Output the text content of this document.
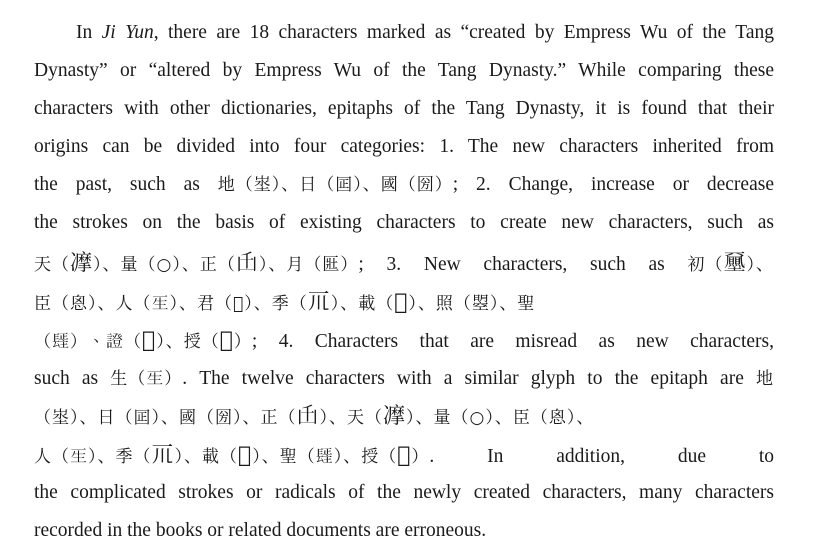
In Ji Yun, there are 18 characters marked as “created by Empress Wu of the Tang
Dynasty” or “altered by Empress Wu of the Tang Dynasty.” While comparing these
characters with other dictionaries, epitaphs of the Tang Dynasty, it is found that their
origins can be divided into four categories: 1. The new characters inherited from
the past, such as 地（埊）、日（囸）、國（圀）; 2. Change, increase or decrease
the strokes on the basis of existing characters to create new characters, such as
天（𠘚）、量（○）、正（𠙺）、月（匨）; 3. New characters, such as 初（𡔈）、
臣（恖）、人（𤯔）、君（𠺞）、季（𥘅）、載（𡕀）、照（曌）、聖
（𨲢）、證（𨹗）、授（𥠢）; 4. Characters that are misread as new characters,
such as 生（𤯔）. The twelve characters with a similar glyph to the epitaph are 地
（埊）、日（囸）、國（圀）、正（𠙺）、天（𠘚）、量（○）、臣（恖）、
人（𤯔）、季（𥘅）、載（𡕀）、聖（𨲢）、授（𥠢）. In addition, due to
the complicated strokes or radicals of the newly created characters, many characters
recorded in the books or related documents are erroneous.
